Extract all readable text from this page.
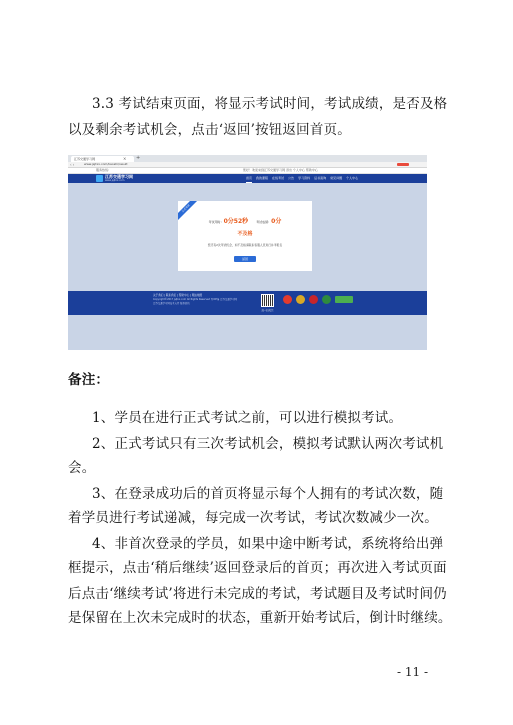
3.3 考试结束页面，将显示考试时间，考试成绩，是否及格
以及剩余考试机会，点击‘返回’按钮返回首页。
江苏交通学习网	× +
‹›	www.jsjtxx.com/kaoshi/result
服务热线：	您好！欢迎来到江苏交通学习网 退出 个人中心 帮助中心
江苏交通学习网
www.jsjtxx.com
首页 我的课程 在线考试 公告 学习资料 证书查询 常见问题 个人中心
正式考试
考试用时：0分52秒	考试成绩：0分
不及格
您还有2次考试机会，如不及格请联系客服人员进行补考报名
返回
关于我们 | 联系我们 | 帮助中心 | 网站地图
Copyright©2017 jsjtxx.com All Rights Reserved 苏ICP备 江苏交通学习网
江苏交通学习网技术支持 服务热线
扫一扫关注
备注：
1、学员在进行正式考试之前，可以进行模拟考试。
2、正式考试只有三次考试机会，模拟考试默认两次考试机
会。
3、在登录成功后的首页将显示每个人拥有的考试次数，随
着学员进行考试递减，每完成一次考试，考试次数减少一次。
4、非首次登录的学员，如果中途中断考试，系统将给出弹
框提示，点击‘稍后继续’返回登录后的首页；再次进入考试页面
后点击‘继续考试’将进行未完成的考试，考试题目及考试时间仍
是保留在上次未完成时的状态，重新开始考试后，倒计时继续。
- 11 -
